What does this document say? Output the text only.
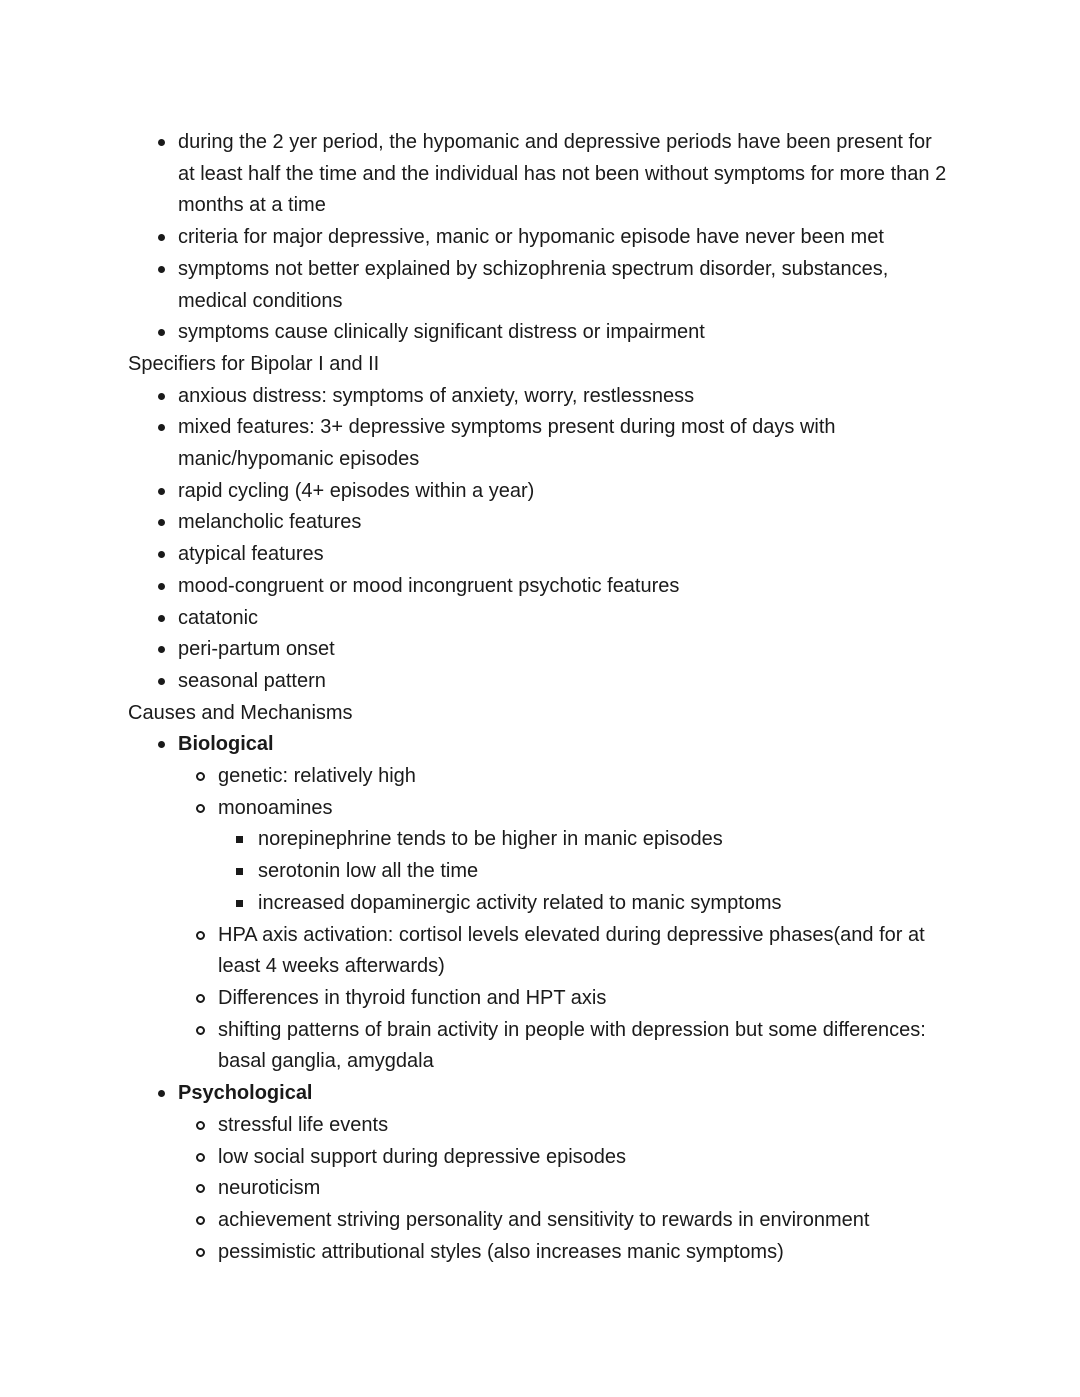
during the 2 yer period, the hypomanic and depressive periods have been present for at least half the time and the individual has not been without symptoms for more than 2 months at a time
criteria for major depressive, manic or hypomanic episode have never been met
symptoms not better explained by schizophrenia spectrum disorder, substances, medical conditions
symptoms cause clinically significant distress or impairment
Specifiers for Bipolar I and II
anxious distress: symptoms of anxiety, worry, restlessness
mixed features: 3+ depressive symptoms present during most of days with manic/hypomanic episodes
rapid cycling (4+ episodes within a year)
melancholic features
atypical features
mood-congruent or mood incongruent psychotic features
catatonic
peri-partum onset
seasonal pattern
Causes and Mechanisms
Biological
genetic: relatively high
monoamines
norepinephrine tends to be higher in manic episodes
serotonin low all the time
increased dopaminergic activity related to manic symptoms
HPA axis activation: cortisol levels elevated during depressive phases(and for at least 4 weeks afterwards)
Differences in thyroid function and HPT axis
shifting patterns of brain activity in people with depression but some differences: basal ganglia, amygdala
Psychological
stressful life events
low social support during depressive episodes
neuroticism
achievement striving personality and sensitivity to rewards in environment
pessimistic attributional styles (also increases manic symptoms)
